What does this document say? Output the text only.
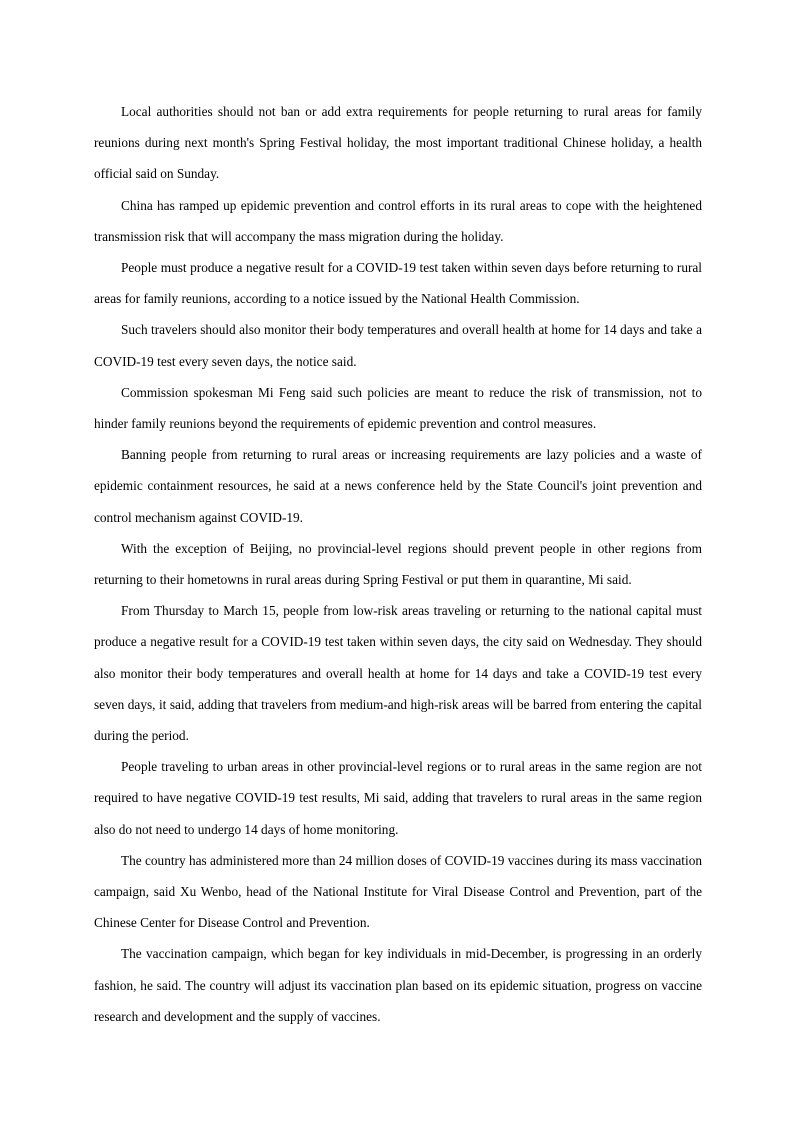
Local authorities should not ban or add extra requirements for people returning to rural areas for family reunions during next month's Spring Festival holiday, the most important traditional Chinese holiday, a health official said on Sunday.

China has ramped up epidemic prevention and control efforts in its rural areas to cope with the heightened transmission risk that will accompany the mass migration during the holiday.

People must produce a negative result for a COVID-19 test taken within seven days before returning to rural areas for family reunions, according to a notice issued by the National Health Commission.

Such travelers should also monitor their body temperatures and overall health at home for 14 days and take a COVID-19 test every seven days, the notice said.

Commission spokesman Mi Feng said such policies are meant to reduce the risk of transmission, not to hinder family reunions beyond the requirements of epidemic prevention and control measures.

Banning people from returning to rural areas or increasing requirements are lazy policies and a waste of epidemic containment resources, he said at a news conference held by the State Council's joint prevention and control mechanism against COVID-19.

With the exception of Beijing, no provincial-level regions should prevent people in other regions from returning to their hometowns in rural areas during Spring Festival or put them in quarantine, Mi said.

From Thursday to March 15, people from low-risk areas traveling or returning to the national capital must produce a negative result for a COVID-19 test taken within seven days, the city said on Wednesday. They should also monitor their body temperatures and overall health at home for 14 days and take a COVID-19 test every seven days, it said, adding that travelers from medium-and high-risk areas will be barred from entering the capital during the period.

People traveling to urban areas in other provincial-level regions or to rural areas in the same region are not required to have negative COVID-19 test results, Mi said, adding that travelers to rural areas in the same region also do not need to undergo 14 days of home monitoring.

The country has administered more than 24 million doses of COVID-19 vaccines during its mass vaccination campaign, said Xu Wenbo, head of the National Institute for Viral Disease Control and Prevention, part of the Chinese Center for Disease Control and Prevention.

The vaccination campaign, which began for key individuals in mid-December, is progressing in an orderly fashion, he said. The country will adjust its vaccination plan based on its epidemic situation, progress on vaccine research and development and the supply of vaccines.
